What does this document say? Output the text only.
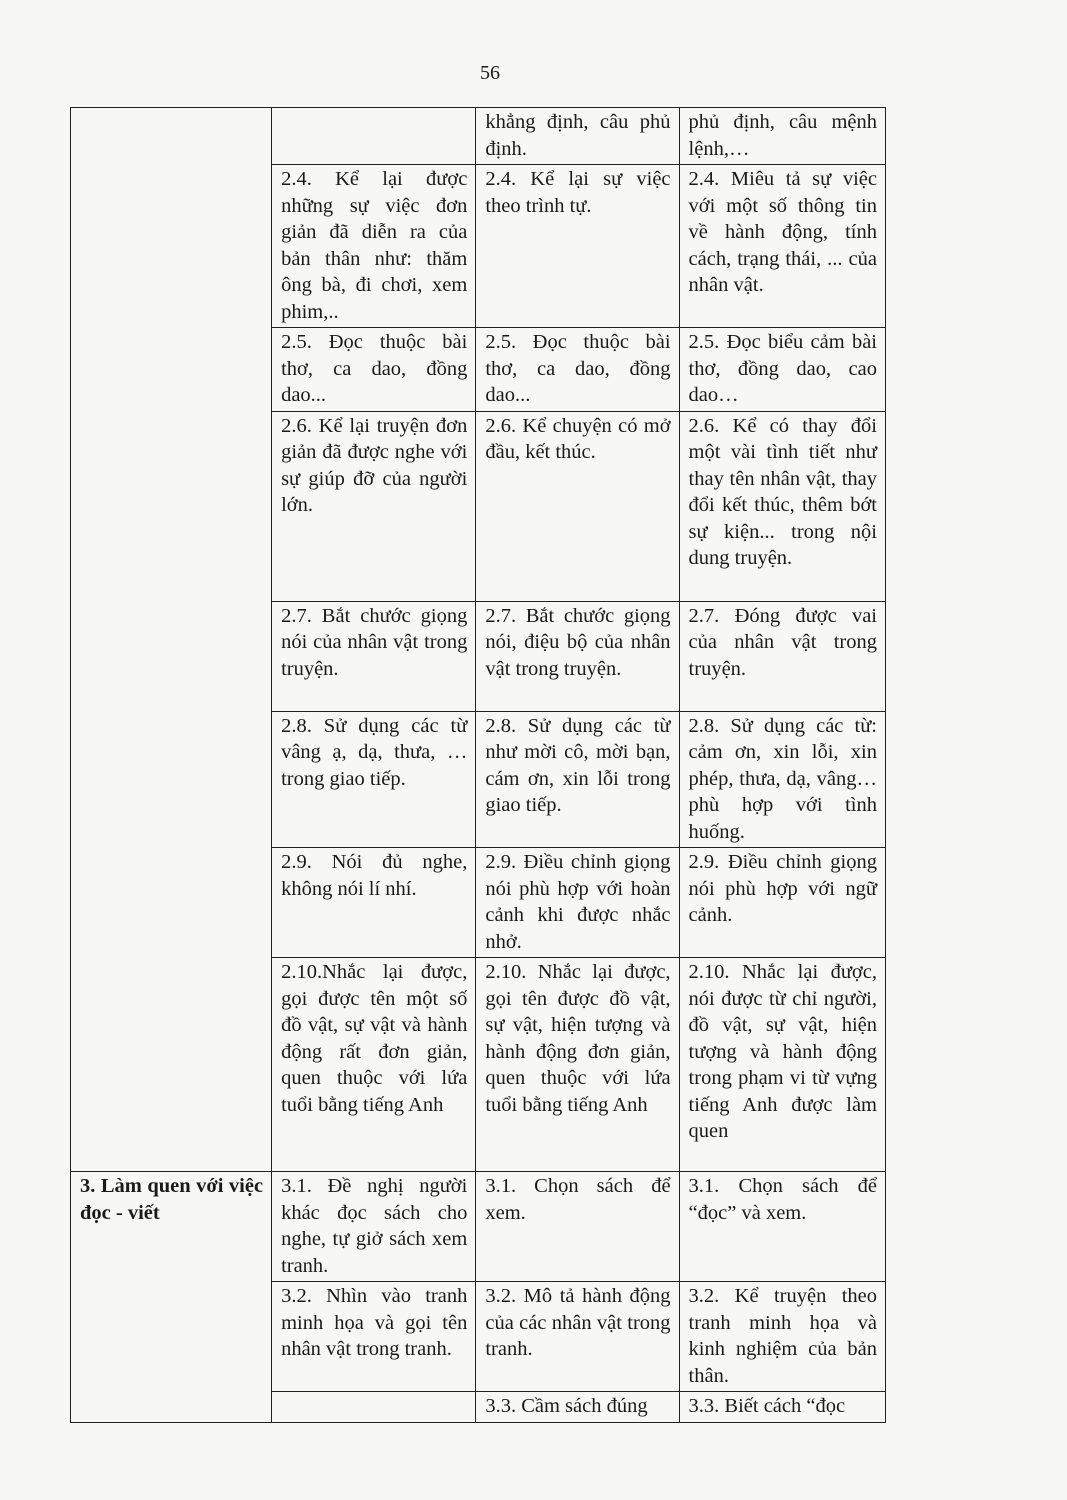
56
		khẳng định, câu phủ định.	phủ định, câu mệnh lệnh,…
	2.4. Kể lại được những sự việc đơn giản đã diễn ra của bản thân như: thăm ông bà, đi chơi, xem phim,..	2.4. Kể lại sự việc theo trình tự.	2.4. Miêu tả sự việc với một số thông tin về hành động, tính cách, trạng thái, ... của nhân vật.
	2.5. Đọc thuộc bài thơ, ca dao, đồng dao...	2.5. Đọc thuộc bài thơ, ca dao, đồng dao...	2.5. Đọc biểu cảm bài thơ, đồng dao, cao dao…
	2.6. Kể lại truyện đơn giản đã được nghe với sự giúp đỡ của người lớn.	2.6. Kể chuyện có mở đầu, kết thúc.	2.6. Kể có thay đổi một vài tình tiết như thay tên nhân vật, thay đổi kết thúc, thêm bớt sự kiện... trong nội dung truyện.
	2.7. Bắt chước giọng nói của nhân vật trong truyện.	2.7. Bắt chước giọng nói, điệu bộ của nhân vật trong truyện.	2.7. Đóng được vai của nhân vật trong truyện.
	2.8. Sử dụng các từ vâng ạ, dạ, thưa, … trong giao tiếp.	2.8. Sử dụng các từ như mời cô, mời bạn, cám ơn, xin lỗi trong giao tiếp.	2.8. Sử dụng các từ: cảm ơn, xin lỗi, xin phép, thưa, dạ, vâng… phù hợp với tình huống.
	2.9. Nói đủ nghe, không nói lí nhí.	2.9. Điều chỉnh giọng nói phù hợp với hoàn cảnh khi được nhắc nhở.	2.9. Điều chỉnh giọng nói phù hợp với ngữ cảnh.
	2.10.Nhắc lại được, gọi được tên một số đồ vật, sự vật và hành động rất đơn giản, quen thuộc với lứa tuổi bằng tiếng Anh	2.10. Nhắc lại được, gọi tên được đồ vật, sự vật, hiện tượng và hành động đơn giản, quen thuộc với lứa tuổi bằng tiếng Anh	2.10. Nhắc lại được, nói được từ chỉ người, đồ vật, sự vật, hiện tượng và hành động trong phạm vi từ vựng tiếng Anh được làm quen
3. Làm quen với việc đọc - viết	3.1. Đề nghị người khác đọc sách cho nghe, tự giở sách xem tranh.	3.1. Chọn sách để xem.	3.1. Chọn sách để “đọc” và xem.
	3.2. Nhìn vào tranh minh họa và gọi tên nhân vật trong tranh.	3.2. Mô tả hành động của các nhân vật trong tranh.	3.2. Kể truyện theo tranh minh họa và kinh nghiệm của bản thân.
		3.3. Cầm sách đúng	3.3. Biết cách “đọc
